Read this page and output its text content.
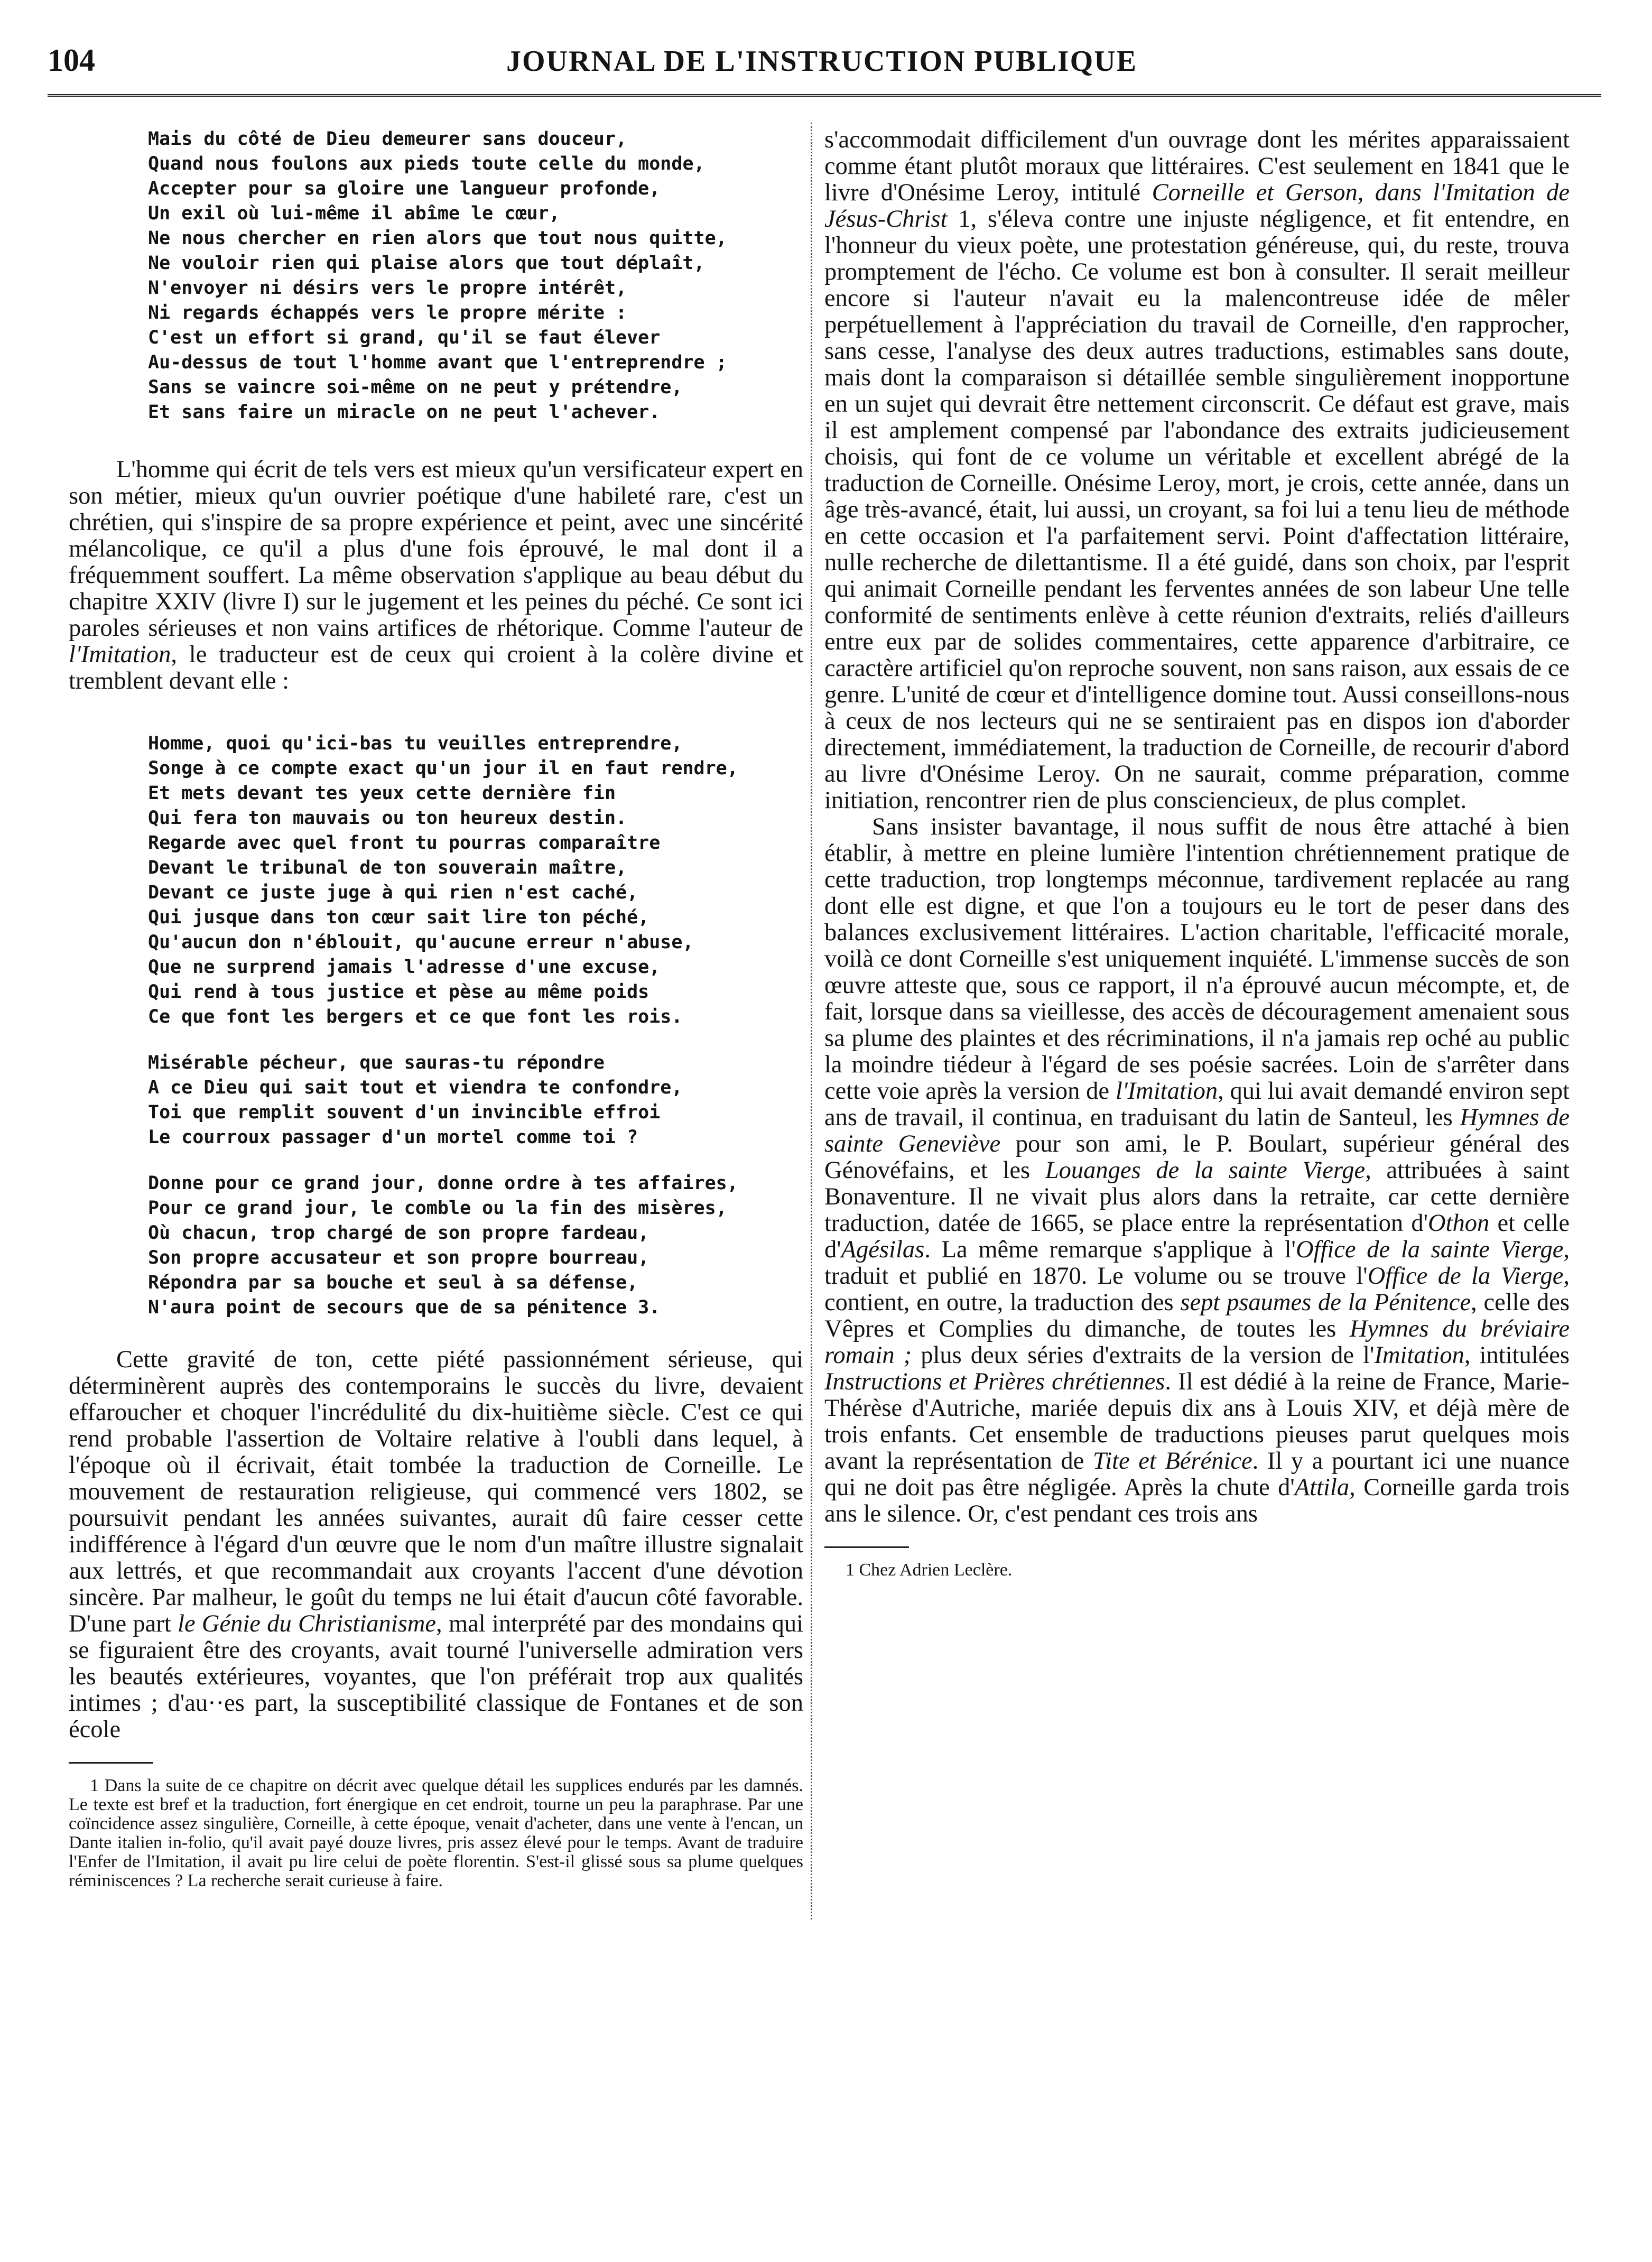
104	JOURNAL DE L'INSTRUCTION PUBLIQUE
Mais du côté de Dieu demeurer sans douceur,
Quand nous foulons aux pieds toute celle du monde,
Accepter pour sa gloire une langueur profonde,
Un exil où lui-même il abîme le cœur,
Ne nous chercher en rien alors que tout nous quitte,
Ne vouloir rien qui plaise alors que tout déplaît,
N'envoyer ni désirs vers le propre intérêt,
Ni regards échappés vers le propre mérite :
C'est un effort si grand, qu'il se faut élever
Au-dessus de tout l'homme avant que l'entreprendre ;
Sans se vaincre soi-même on ne peut y prétendre,
Et sans faire un miracle on ne peut l'achever.

L'homme qui écrit de tels vers est mieux qu'un versificateur expert en son métier, mieux qu'un ouvrier poétique d'une habileté rare, c'est un chrétien, qui s'inspire de sa propre expérience et peint, avec une sincérité mélancolique, ce qu'il a plus d'une fois éprouvé, le mal dont il a fréquemment souffert. La même observation s'applique au beau début du chapitre XXIV (livre I) sur le jugement et les peines du péché. Ce sont ici paroles sérieuses et non vains artifices de rhétorique. Comme l'auteur de l'Imitation, le traducteur est de ceux qui croient à la colère divine et tremblent devant elle :

Homme, quoi qu'ici-bas tu veuilles entreprendre,
Songe à ce compte exact qu'un jour il en faut rendre,
Et mets devant tes yeux cette dernière fin
Qui fera ton mauvais ou ton heureux destin.
Regarde avec quel front tu pourras comparaître
Devant le tribunal de ton souverain maître,
Devant ce juste juge à qui rien n'est caché,
Qui jusque dans ton cœur sait lire ton péché,
Qu'aucun don n'éblouit, qu'aucune erreur n'abuse,
Que ne surprend jamais l'adresse d'une excuse,
Qui rend à tous justice et pèse au même poids
Ce que font les bergers et ce que font les rois.
Misérable pécheur, que sauras-tu répondre
A ce Dieu qui sait tout et viendra te confondre,
Toi que remplit souvent d'un invincible effroi
Le courroux passager d'un mortel comme toi ?
Donne pour ce grand jour, donne ordre à tes affaires,
Pour ce grand jour, le comble ou la fin des misères,
Où chacun, trop chargé de son propre fardeau,
Son propre accusateur et son propre bourreau,
Répondra par sa bouche et seul à sa défense,
N'aura point de secours que de sa pénitence 3.

Cette gravité de ton, cette piété passionnément sérieuse, qui déterminèrent auprès des contemporains le succès du livre, devaient effaroucher et choquer l'incrédulité du dix-huitième siècle. C'est ce qui rend probable l'assertion de Voltaire relative à l'oubli dans lequel, à l'époque où il écrivait, était tombée la traduction de Corneille. Le mouvement de restauration religieuse, qui commencé vers 1802, se poursuivit pendant les années suivantes, aurait dû faire cesser cette indifférence à l'égard d'un œuvre que le nom d'un maître illustre signalait aux lettrés, et que recommandait aux croyants l'accent d'une dévotion sincère. Par malheur, le goût du temps ne lui était d'aucun côté favorable. D'une part le Génie du Christianisme, mal interprété par des mondains qui se figuraient être des croyants, avait tourné l'universelle admiration vers les beautés extérieures, voyantes, que l'on préférait trop aux qualités intimes ; d'au··es part, la susceptibilité classique de Fontanes et de son école

1 Dans la suite de ce chapitre on décrit avec quelque détail les supplices endurés par les damnés. Le texte est bref et la traduction, fort énergique en cet endroit, tourne un peu la paraphrase. Par une coïncidence assez singulière, Corneille, à cette époque, venait d'acheter, dans une vente à l'encan, un Dante italien in-folio, qu'il avait payé douze livres, pris assez élevé pour le temps. Avant de traduire l'Enfer de l'Imitation, il avait pu lire celui de poète florentin. S'est-il glissé sous sa plume quelques réminiscences ? La recherche serait curieuse à faire.

s'accommodait difficilement d'un ouvrage dont les mérites apparaissaient comme étant plutôt moraux que littéraires. C'est seulement en 1841 que le livre d'Onésime Leroy, intitulé Corneille et Gerson, dans l'Imitation de Jésus-Christ 1, s'éleva contre une injuste négligence, et fit entendre, en l'honneur du vieux poète, une protestation généreuse, qui, du reste, trouva promptement de l'écho. Ce volume est bon à consulter. Il serait meilleur encore si l'auteur n'avait eu la malencontreuse idée de mêler perpétuellement à l'appréciation du travail de Corneille, d'en rapprocher, sans cesse, l'analyse des deux autres traductions, estimables sans doute, mais dont la comparaison si détaillée semble singulièrement inopportune en un sujet qui devrait être nettement circonscrit. Ce défaut est grave, mais il est amplement compensé par l'abondance des extraits judicieusement choisis, qui font de ce volume un véritable et excellent abrégé de la traduction de Corneille. Onésime Leroy, mort, je crois, cette année, dans un âge très-avancé, était, lui aussi, un croyant, sa foi lui a tenu lieu de méthode en cette occasion et l'a parfaitement servi. Point d'affectation littéraire, nulle recherche de dilettantisme. Il a été guidé, dans son choix, par l'esprit qui animait Corneille pendant les ferventes années de son labeur Une telle conformité de sentiments enlève à cette réunion d'extraits, reliés d'ailleurs entre eux par de solides commentaires, cette apparence d'arbitraire, ce caractère artificiel qu'on reproche souvent, non sans raison, aux essais de ce genre. L'unité de cœur et d'intelligence domine tout. Aussi conseillons-nous à ceux de nos lecteurs qui ne se sentiraient pas en dispos ion d'aborder directement, immédiatement, la traduction de Corneille, de recourir d'abord au livre d'Onésime Leroy. On ne saurait, comme préparation, comme initiation, rencontrer rien de plus consciencieux, de plus complet.

Sans insister bavantage, il nous suffit de nous être attaché à bien établir, à mettre en pleine lumière l'intention chrétiennement pratique de cette traduction, trop longtemps méconnue, tardivement replacée au rang dont elle est digne, et que l'on a toujours eu le tort de peser dans des balances exclusivement littéraires. L'action charitable, l'efficacité morale, voilà ce dont Corneille s'est uniquement inquiété. L'immense succès de son œuvre atteste que, sous ce rapport, il n'a éprouvé aucun mécompte, et, de fait, lorsque dans sa vieillesse, des accès de découragement amenaient sous sa plume des plaintes et des récriminations, il n'a jamais rep oché au public la moindre tiédeur à l'égard de ses poésie sacrées. Loin de s'arrêter dans cette voie après la version de l'Imitation, qui lui avait demandé environ sept ans de travail, il continua, en traduisant du latin de Santeul, les Hymnes de sainte Geneviève pour son ami, le P. Boulart, supérieur général des Génovéfains, et les Louanges de la sainte Vierge, attribuées à saint Bonaventure. Il ne vivait plus alors dans la retraite, car cette dernière traduction, datée de 1665, se place entre la représentation d'Othon et celle d'Agésilas. La même remarque s'applique à l'Office de la sainte Vierge, traduit et publié en 1870. Le volume ou se trouve l'Office de la Vierge, contient, en outre, la traduction des sept psaumes de la Pénitence, celle des Vêpres et Complies du dimanche, de toutes les Hymnes du bréviaire romain ; plus deux séries d'extraits de la version de l'Imitation, intitulées Instructions et Prières chrétiennes. Il est dédié à la reine de France, Marie-Thérèse d'Autriche, mariée depuis dix ans à Louis XIV, et déjà mère de trois enfants. Cet ensemble de traductions pieuses parut quelques mois avant la représentation de Tite et Bérénice. Il y a pourtant ici une nuance qui ne doit pas être négligée. Après la chute d'Attila, Corneille garda trois ans le silence. Or, c'est pendant ces trois ans

1 Chez Adrien Leclère.
